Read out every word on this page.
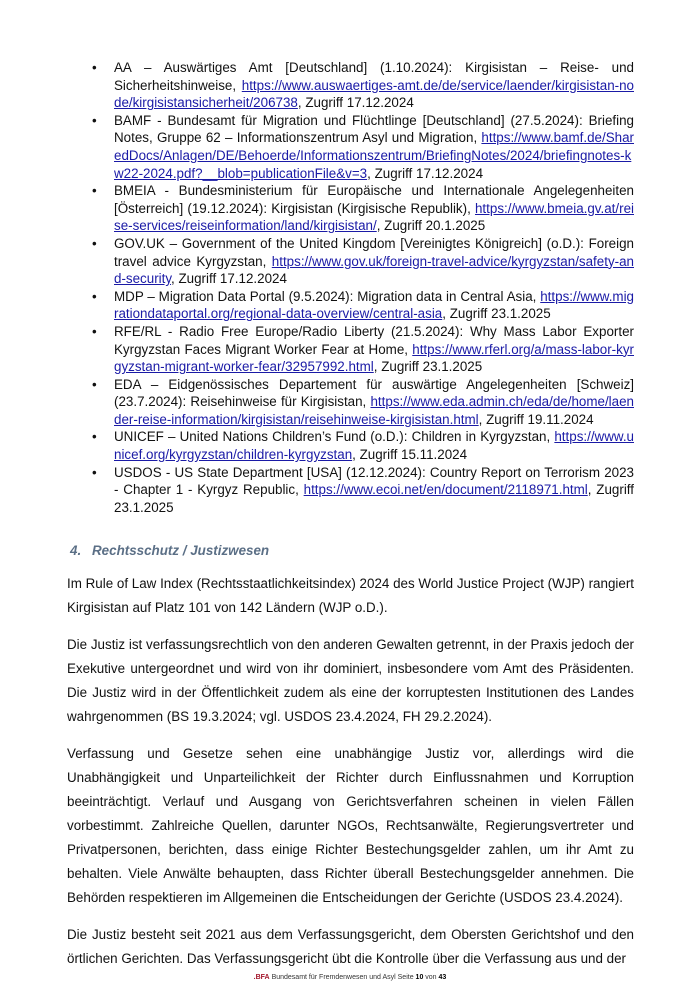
• AA – Auswärtiges Amt [Deutschland] (1.10.2024): Kirgisistan – Reise- und Sicherheitshinweise, https://www.auswaertiges-amt.de/de/service/laender/kirgisistan-node/kirgisistansicherheit/206738, Zugriff 17.12.2024
• BAMF - Bundesamt für Migration und Flüchtlinge [Deutschland] (27.5.2024): Briefing Notes, Gruppe 62 – Informationszentrum Asyl und Migration, https://www.bamf.de/SharedDocs/Anlagen/DE/Behoerde/Informationszentrum/BriefingNotes/2024/briefingnotes-kw22-2024.pdf?__blob=publicationFile&v=3, Zugriff 17.12.2024
• BMEIA - Bundesministerium für Europäische und Internationale Angelegenheiten [Österreich] (19.12.2024): Kirgisistan (Kirgisische Republik), https://www.bmeia.gv.at/reise-services/reiseinformation/land/kirgisistan/, Zugriff 20.1.2025
• GOV.UK – Government of the United Kingdom [Vereinigtes Königreich] (o.D.): Foreign travel advice Kyrgyzstan, https://www.gov.uk/foreign-travel-advice/kyrgyzstan/safety-and-security, Zugriff 17.12.2024
• MDP – Migration Data Portal (9.5.2024): Migration data in Central Asia, https://www.migrationdataportal.org/regional-data-overview/central-asia, Zugriff 23.1.2025
• RFE/RL - Radio Free Europe/Radio Liberty (21.5.2024): Why Mass Labor Exporter Kyrgyzstan Faces Migrant Worker Fear at Home, https://www.rferl.org/a/mass-labor-kyrgyzstan-migrant-worker-fear/32957992.html, Zugriff 23.1.2025
• EDA – Eidgenössisches Departement für auswärtige Angelegenheiten [Schweiz] (23.7.2024): Reisehinweise für Kirgisistan, https://www.eda.admin.ch/eda/de/home/laender-reise-information/kirgisistan/reisehinweise-kirgisistan.html, Zugriff 19.11.2024
• UNICEF – United Nations Children’s Fund (o.D.): Children in Kyrgyzstan, https://www.unicef.org/kyrgyzstan/children-kyrgyzstan, Zugriff 15.11.2024
• USDOS - US State Department [USA] (12.12.2024): Country Report on Terrorism 2023 - Chapter 1 - Kyrgyz Republic, https://www.ecoi.net/en/document/2118971.html, Zugriff 23.1.2025
4. Rechtsschutz / Justizwesen

Im Rule of Law Index (Rechtsstaatlichkeitsindex) 2024 des World Justice Project (WJP) rangiert Kirgisistan auf Platz 101 von 142 Ländern (WJP o.D.).

Die Justiz ist verfassungsrechtlich von den anderen Gewalten getrennt, in der Praxis jedoch der Exekutive untergeordnet und wird von ihr dominiert, insbesondere vom Amt des Präsidenten. Die Justiz wird in der Öffentlichkeit zudem als eine der korruptesten Institutionen des Landes wahrgenommen (BS 19.3.2024; vgl. USDOS 23.4.2024, FH 29.2.2024).

Verfassung und Gesetze sehen eine unabhängige Justiz vor, allerdings wird die Unabhängigkeit und Unparteilichkeit der Richter durch Einflussnahmen und Korruption beeinträchtigt. Verlauf und Ausgang von Gerichtsverfahren scheinen in vielen Fällen vorbestimmt. Zahlreiche Quellen, darunter NGOs, Rechtsanwälte, Regierungsvertreter und Privatpersonen, berichten, dass einige Richter Bestechungsgelder zahlen, um ihr Amt zu behalten. Viele Anwälte behaupten, dass Richter überall Bestechungsgelder annehmen. Die Behörden respektieren im Allgemeinen die Entscheidungen der Gerichte (USDOS 23.4.2024).

Die Justiz besteht seit 2021 aus dem Verfassungsgericht, dem Obersten Gerichtshof und den örtlichen Gerichten. Das Verfassungsgericht übt die Kontrolle über die Verfassung aus und der

.BFA Bundesamt für Fremdenwesen und Asyl Seite 10 von 43
